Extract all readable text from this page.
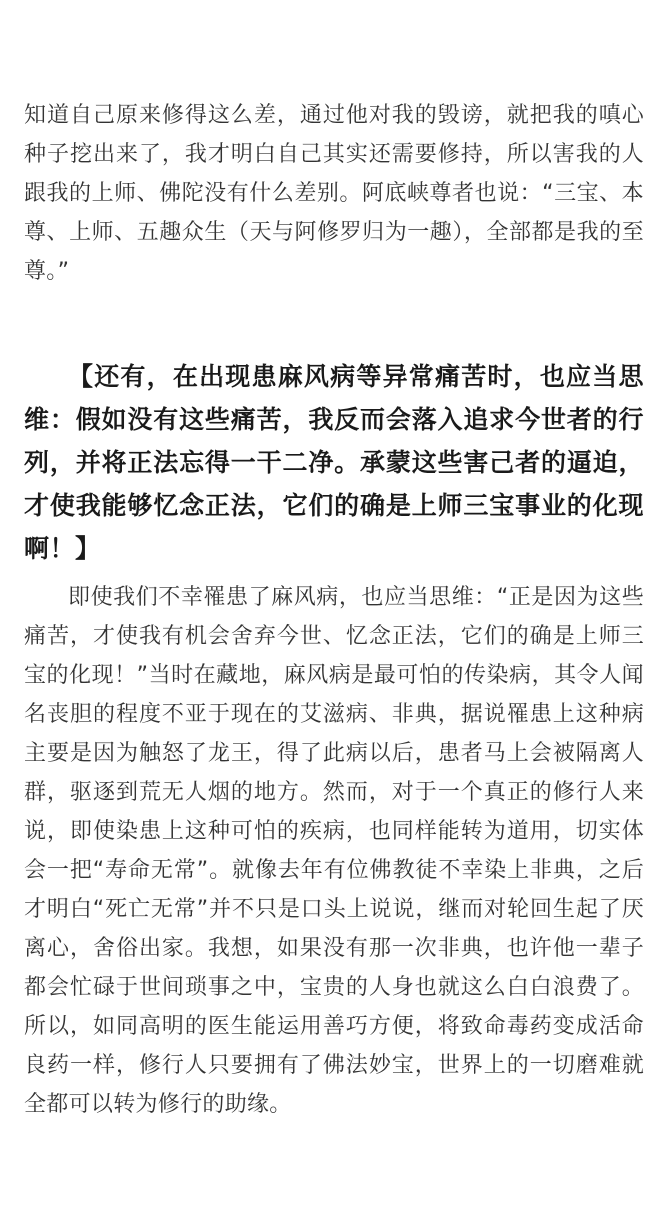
知道自己原来修得这么差，通过他对我的毁谤，就把我的嗔心种子挖出来了，我才明白自己其实还需要修持，所以害我的人跟我的上师、佛陀没有什么差别。阿底峡尊者也说：“三宝、本尊、上师、五趣众生（天与阿修罗归为一趣），全部都是我的至尊。”

【还有，在出现患麻风病等异常痛苦时，也应当思维：假如没有这些痛苦，我反而会落入追求今世者的行列，并将正法忘得一干二净。承蒙这些害己者的逼迫，才使我能够忆念正法，它们的确是上师三宝事业的化现啊！】

即使我们不幸罹患了麻风病，也应当思维：“正是因为这些痛苦，才使我有机会舍弃今世、忆念正法，它们的确是上师三宝的化现！”当时在藏地，麻风病是最可怕的传染病，其令人闻名丧胆的程度不亚于现在的艾滋病、非典，据说罹患上这种病主要是因为触怒了龙王，得了此病以后，患者马上会被隔离人群，驱逐到荒无人烟的地方。然而，对于一个真正的修行人来说，即使染患上这种可怕的疾病，也同样能转为道用，切实体会一把“寿命无常”。就像去年有位佛教徒不幸染上非典，之后才明白“死亡无常”并不只是口头上说说，继而对轮回生起了厌离心，舍俗出家。我想，如果没有那一次非典，也许他一辈子都会忙碌于世间琐事之中，宝贵的人身也就这么白白浪费了。所以，如同高明的医生能运用善巧方便，将致命毒药变成活命良药一样，修行人只要拥有了佛法妙宝，世界上的一切磨难就全都可以转为修行的助缘。
